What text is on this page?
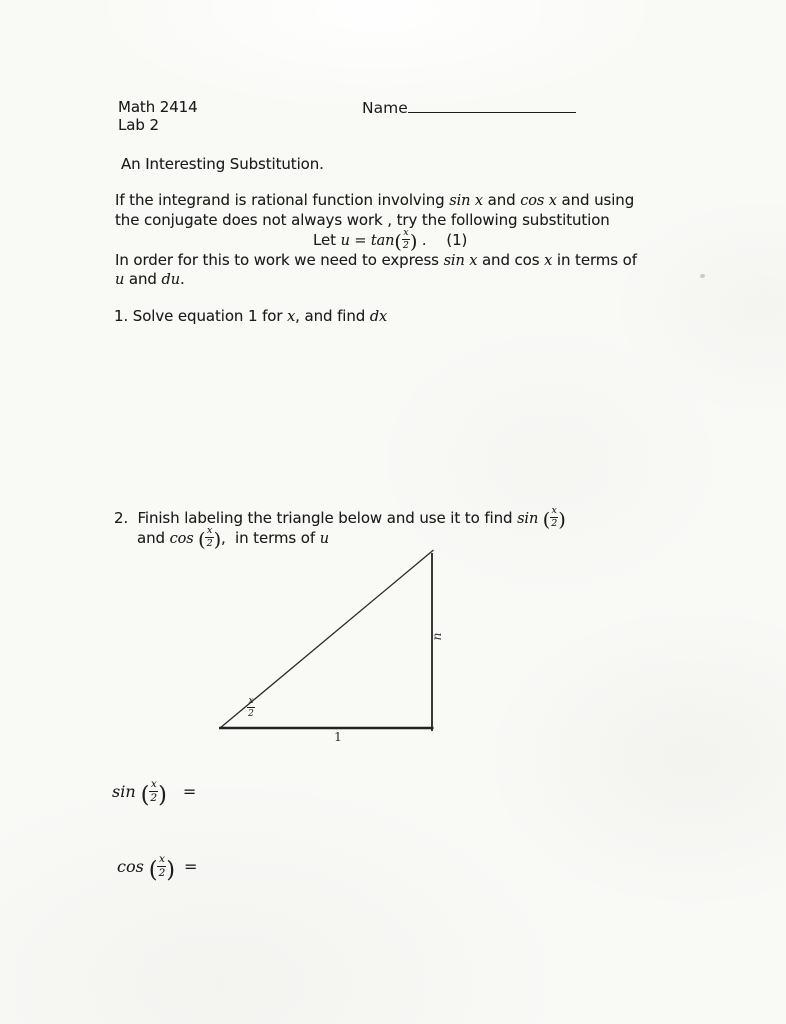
Math 2414
Lab 2
Name
An Interesting Substitution.
If the integrand is rational function involving sin x and cos x and using
the conjugate does not always work , try the following substitution
Let $u = \tan( \frac{x}{2}$ ) . (1)
In order for this to work we need to express sin x and cos x in terms of
u and du.
1. Solve equation 1 for x, and find dx
2.  Finish labeling the triangle below and use it to find sin ( $\frac{x}{2}$ )
and cos ( $\frac{x}{2}$ ),  in terms of u
$\frac{x}{2}$
u
1
sin ( $\frac{x}{2}$ ) =
cos ( $\frac{x}{2}$ ) =
